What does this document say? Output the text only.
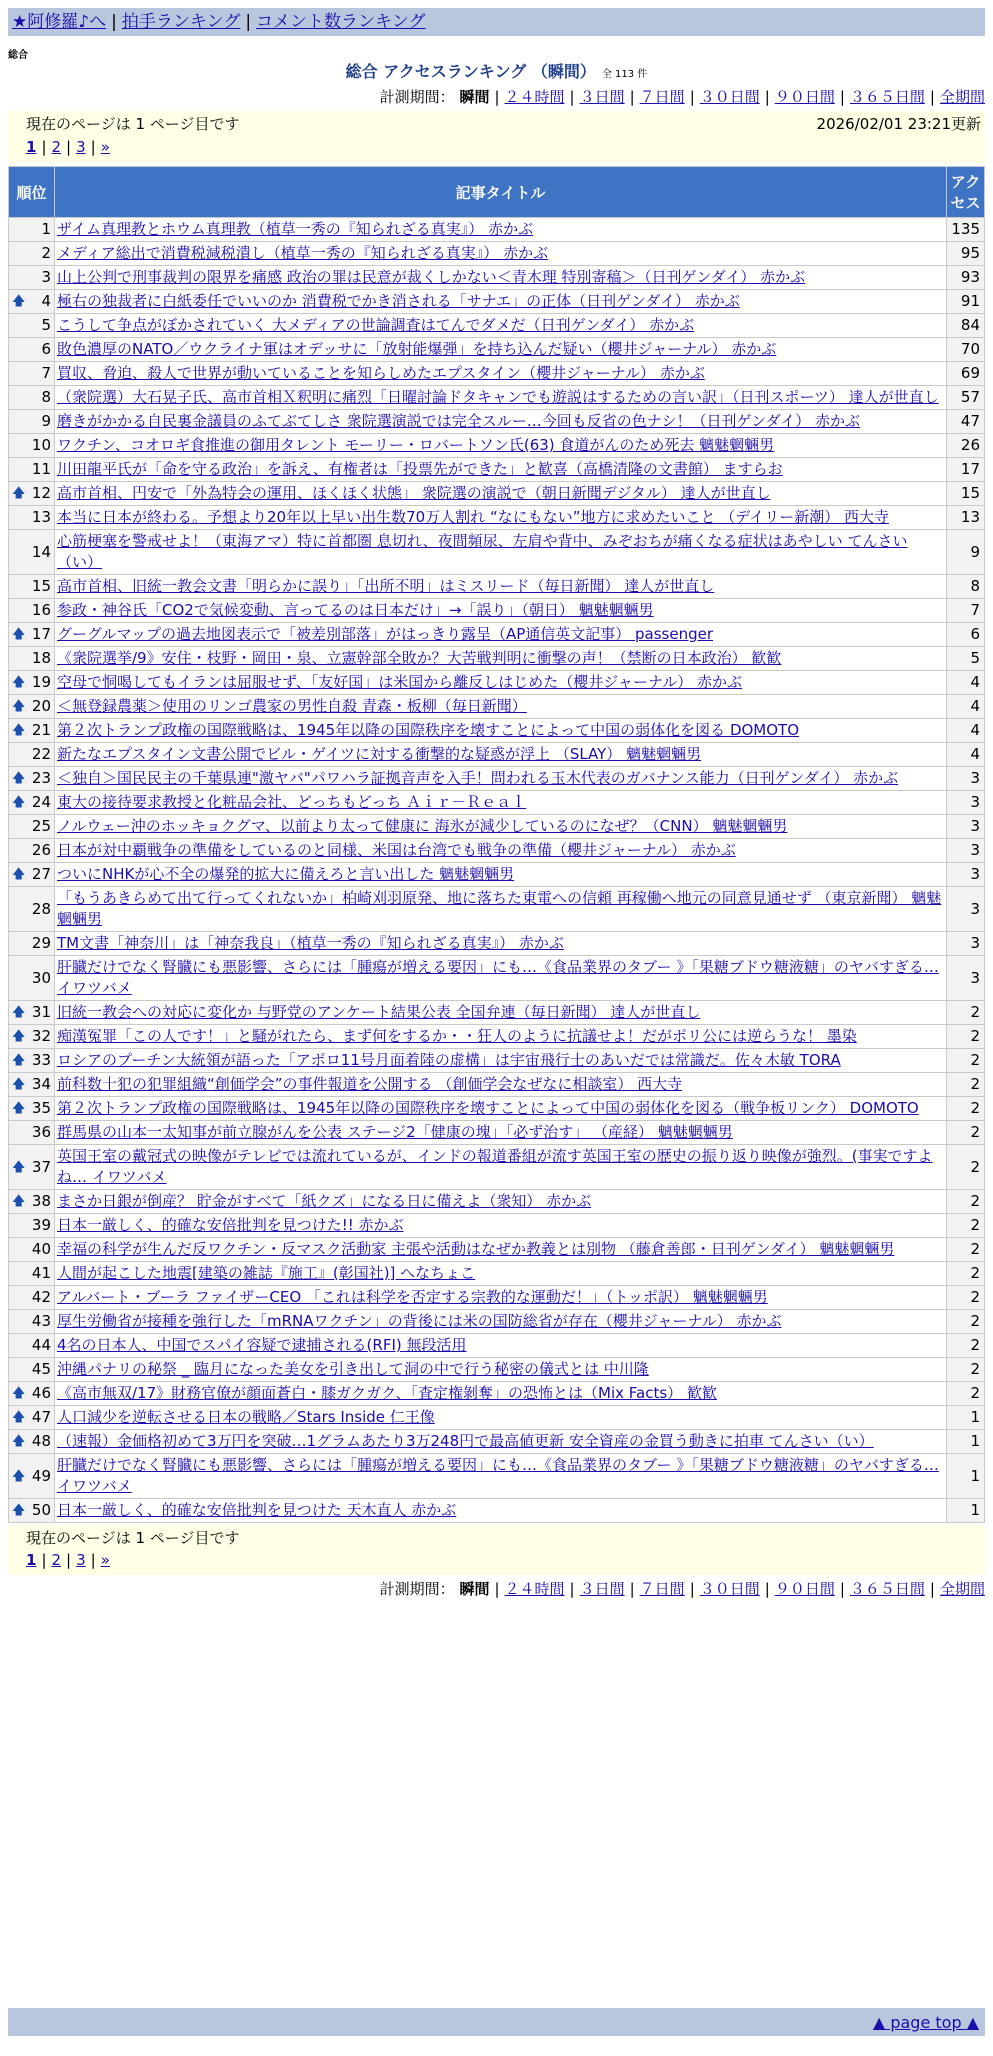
★阿修羅♪へ | 拍手ランキング | コメント数ランキング
総合
総合 アクセスランキング （瞬間） 全 113 件
計測期間： 瞬間 | ２４時間 | ３日間 | ７日間 | ３０日間 | ９０日間 | ３６５日間 | 全期間
現在のページは 1 ページ目です	2026/02/01 23:21更新
1 | 2 | 3 | »
順位	記事タイトル	アクセス
1	ザイム真理教とホウム真理教（植草一秀の『知られざる真実』） 赤かぶ	135
2	メディア総出で消費税減税潰し（植草一秀の『知られざる真実』） 赤かぶ	95
3	山上公判で刑事裁判の限界を痛感 政治の罪は民意が裁くしかない＜青木理 特別寄稿＞（日刊ゲンダイ） 赤かぶ	93

🡅 4	極右の独裁者に白紙委任でいいのか 消費税でかき消される「サナエ」の正体（日刊ゲンダイ） 赤かぶ	91
5	こうして争点がぼかされていく 大メディアの世論調査はてんでダメだ（日刊ゲンダイ） 赤かぶ	84
6	敗色濃厚のNATO／ウクライナ軍はオデッサに「放射能爆弾」を持ち込んだ疑い（櫻井ジャーナル） 赤かぶ	70
7	買収、脅迫、殺人で世界が動いていることを知らしめたエプスタイン（櫻井ジャーナル） 赤かぶ	69
8	（衆院選）大石晃子氏、高市首相Ｘ釈明に痛烈「日曜討論ドタキャンでも遊説はするための言い訳」（日刊スポーツ） 達人が世直し	57
9	磨きがかかる自民裏金議員のふてぶてしさ 衆院選演説では完全スルー…今回も反省の色ナシ！（日刊ゲンダイ） 赤かぶ	47
10	ワクチン、コオロギ食推進の御用タレント モーリー・ロバートソン氏(63) 食道がんのため死去 魑魅魍魎男	26
11	川田龍平氏が「命を守る政治」を訴え、有権者は「投票先ができた」と歓喜（高橋清隆の文書館） ますらお	17

🡅 12	高市首相、円安で「外為特会の運用、ほくほく状態」 衆院選の演説で（朝日新聞デジタル） 達人が世直し	15
13	本当に日本が終わる。予想より20年以上早い出生数70万人割れ “なにもない”地方に求めたいこと （デイリー新潮） 西大寺	13
14	心筋梗塞を警戒せよ！（東海アマ）特に首都圏 息切れ、夜間頻尿、左肩や背中、みぞおちが痛くなる症状はあやしい てんさい（い）	9
15	高市首相、旧統一教会文書「明らかに誤り」「出所不明」はミスリード（毎日新聞） 達人が世直し	8
16	参政・神谷氏「CO2で気候変動、言ってるのは日本だけ」→「誤り」（朝日） 魑魅魍魎男	7

🡅 17	グーグルマップの過去地図表示で「被差別部落」がはっきり露呈（AP通信英文記事） passenger	6
18	《衆院選挙/9》安住・枝野・岡田・泉、立憲幹部全敗か？大苦戦判明に衝撃の声！（禁断の日本政治） 歓歓	5

🡅 19	空母で恫喝してもイランは屈服せず、「友好国」は米国から離反しはじめた（櫻井ジャーナル） 赤かぶ	4

🡅 20	＜無登録農薬＞使用のリンゴ農家の男性自殺 青森・板柳（毎日新聞）	4

🡅 21	第２次トランプ政権の国際戦略は、1945年以降の国際秩序を壊すことによって中国の弱体化を図る DOMOTO	4
22	新たなエプスタイン文書公開でビル・ゲイツに対する衝撃的な疑惑が浮上 （SLAY） 魑魅魍魎男	4

🡅 23	＜独自＞国民民主の千葉県連"激ヤバ"パワハラ証拠音声を入手！問われる玉木代表のガバナンス能力（日刊ゲンダイ） 赤かぶ	3

🡅 24	東大の接待要求教授と化粧品会社、どっちもどっち Ａｉｒ－Ｒｅａｌ	3
25	ノルウェー沖のホッキョクグマ、以前より太って健康に 海氷が減少しているのになぜ？（CNN） 魑魅魍魎男	3
26	日本が対中覇戦争の準備をしているのと同様、米国は台湾でも戦争の準備（櫻井ジャーナル） 赤かぶ	3

🡅 27	ついにNHKが心不全の爆発的拡大に備えろと言い出した 魑魅魍魎男	3
28	「もうあきらめて出て行ってくれないか」柏崎刈羽原発、地に落ちた東電への信頼 再稼働へ地元の同意見通せず （東京新聞） 魑魅魍魎男	3
29	TM文書「神奈川」は「神奈我良」（植草一秀の『知られざる真実』） 赤かぶ	3
30	肝臓だけでなく腎臓にも悪影響、さらには「腫瘍が増える要因」にも…《食品業界のタブー 》「果糖ブドウ糖液糖」のヤバすぎる… イワツバメ	3

🡅 31	旧統一教会への対応に変化か 与野党のアンケート結果公表 全国弁連（毎日新聞） 達人が世直し	2

🡅 32	痴漢冤罪「この人です！」と騒がれたら、まず何をするか・・狂人のように抗議せよ！だがポリ公には逆らうな！ 墨染	2

🡅 33	ロシアのプーチン大統領が語った「アポロ11号月面着陸の虚構」は宇宙飛行士のあいだでは常識だ。佐々木敏 TORA	2

🡅 34	前科数十犯の犯罪組織“創価学会”の事件報道を公開する （創価学会なぜなに相談室） 西大寺	2

🡅 35	第２次トランプ政権の国際戦略は、1945年以降の国際秩序を壊すことによって中国の弱体化を図る（戦争板リンク） DOMOTO	2
36	群馬県の山本一太知事が前立腺がんを公表 ステージ2「健康の塊」「必ず治す」 （産経） 魑魅魍魎男	2

🡅 37	英国王室の戴冠式の映像がテレビでは流れているが、インドの報道番組が流す英国王室の歴史の振り返り映像が強烈。(事実ですよね… イワツバメ	2

🡅 38	まさか日銀が倒産？ 貯金がすべて「紙クズ」になる日に備えよ（衆知） 赤かぶ	2
39	日本一厳しく、的確な安倍批判を見つけた!! 赤かぶ	2
40	幸福の科学が生んだ反ワクチン・反マスク活動家 主張や活動はなぜか教義とは別物 （藤倉善郎・日刊ゲンダイ） 魑魅魍魎男	2
41	人間が起こした地震[建築の雑誌『施工』(彰国社)] へなちょこ	2
42	アルバート・ブーラ ファイザーCEO 「これは科学を否定する宗教的な運動だ！」（トッポ訳） 魑魅魍魎男	2
43	厚生労働省が接種を強行した「mRNAワクチン」の背後には米の国防総省が存在（櫻井ジャーナル） 赤かぶ	2
44	4名の日本人、中国でスパイ容疑で逮捕される(RFI) 無段活用	2
45	沖縄パナリの秘祭 _ 臨月になった美女を引き出して洞の中で行う秘密の儀式とは 中川隆	2

🡅 46	《高市無双/17》財務官僚が顔面蒼白・膝ガクガク、「査定権剝奪」の恐怖とは（Mix Facts） 歓歓	2

🡅 47	人口減少を逆転させる日本の戦略／Stars Inside 仁王像	1

🡅 48	（速報）金価格初めて3万円を突破…1グラムあたり3万248円で最高値更新 安全資産の金買う動きに拍車 てんさい（い）	1

🡅 49	肝臓だけでなく腎臓にも悪影響、さらには「腫瘍が増える要因」にも…《食品業界のタブー 》「果糖ブドウ糖液糖」のヤバすぎる… イワツバメ	1

🡅 50	日本一厳しく、的確な安倍批判を見つけた 天木直人 赤かぶ	1
現在のページは 1 ページ目です
1 | 2 | 3 | »
計測期間： 瞬間 | ２４時間 | ３日間 | ７日間 | ３０日間 | ９０日間 | ３６５日間 | 全期間
▲ page top ▲
